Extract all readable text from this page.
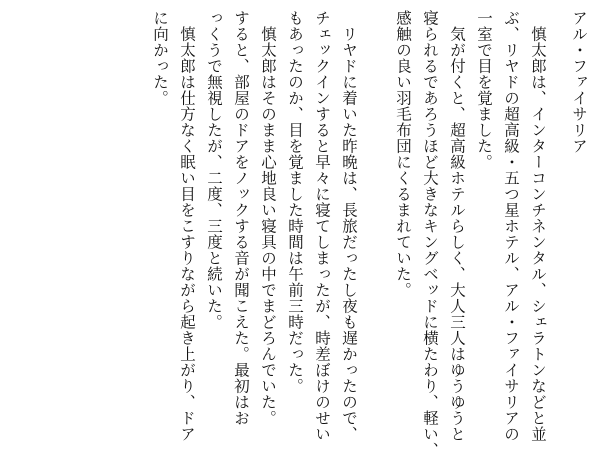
アル・ファイサリア
慎太郎は、インターコンチネンタル、シェラトンなどと並
ぶ、リヤドの超高級・五つ星ホテル、アル・ファイサリアの
一室で目を覚ました。
気が付くと、超高級ホテルらしく、大人三人はゆうゆうと
寝られるであろうほど大きなキングベッドに横たわり、軽い、
感触の良い羽毛布団にくるまれていた。
リヤドに着いた昨晩は、長旅だったし夜も遅かったので、
チェックインすると早々に寝てしまったが、時差ぼけのせい
もあったのか、目を覚ました時間は午前三時だった。
慎太郎はそのまま心地良い寝具の中でまどろんでいた。
すると、部屋のドアをノックする音が聞こえた。最初はお
っくうで無視したが、二度、三度と続いた。
慎太郎は仕方なく眠い目をこすりながら起き上がり、ドア
に向かった。
